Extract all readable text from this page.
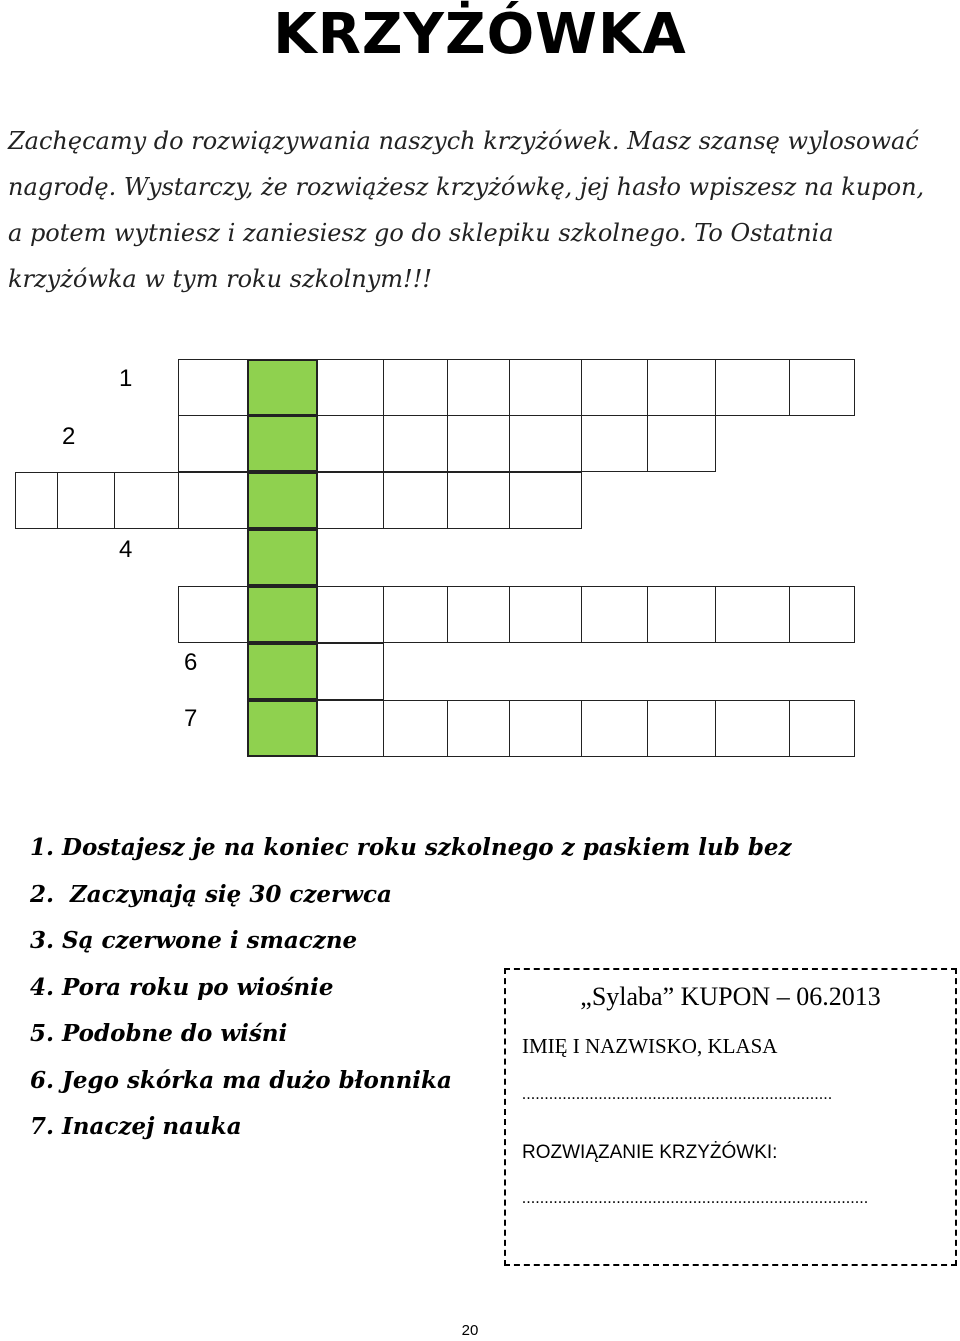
KRZYŻÓWKA

Zachęcamy do rozwiązywania naszych krzyżówek. Masz szansę wylosować

nagrodę. Wystarczy, że rozwiążesz krzyżówkę, jej hasło wpiszesz na kupon,

a potem wytniesz i zaniesiesz go do sklepiku szkolnego. To Ostatnia

krzyżówka w tym roku szkolnym!!!

1
2
4
6
7
1. Dostajesz je na koniec roku szkolnego z paskiem lub bez
2. Zaczynają się 30 czerwca
3. Są czerwone i smaczne
4. Pora roku po wiośnie
5. Podobne do wiśni
6. Jego skórka ma dużo błonnika
7. Inaczej nauka
„Sylaba” KUPON – 06.2013
IMIĘ I NAZWISKO, KLASA
.....................................................................
ROZWIĄZANIE KRZYŻÓWKI:
.............................................................................
20
